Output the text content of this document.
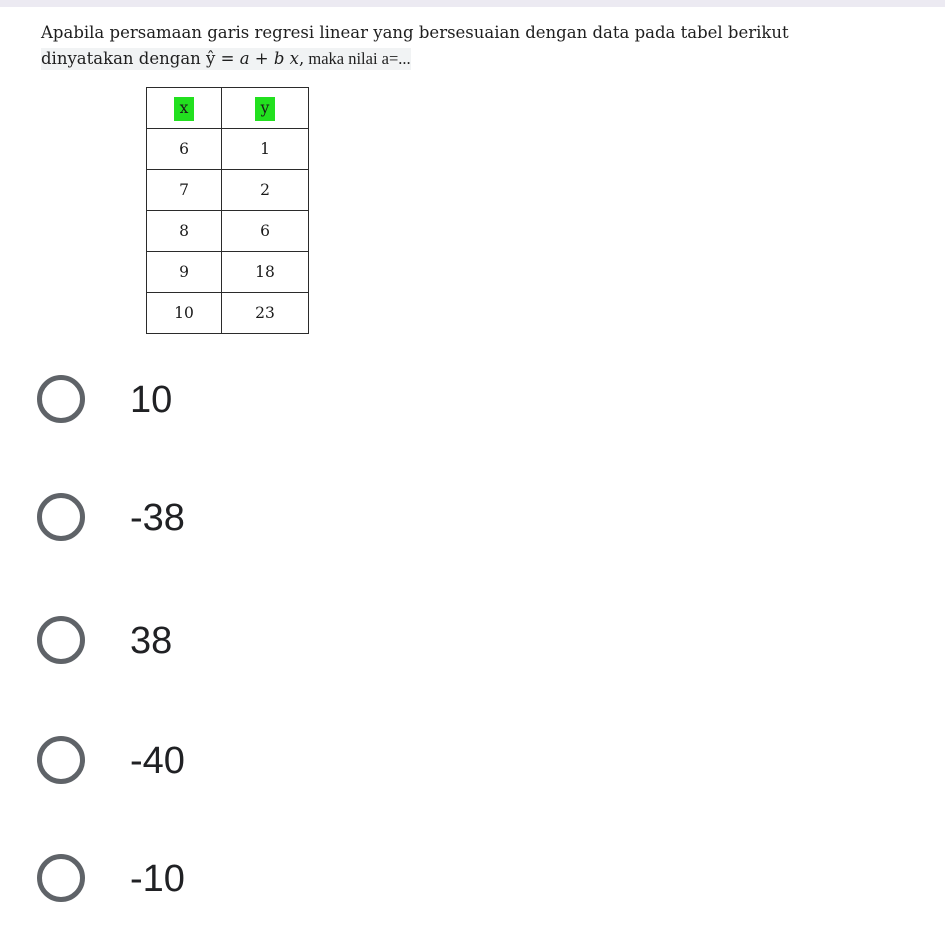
Apabila persamaan garis regresi linear yang bersesuaian dengan data pada tabel berikut
dinyatakan dengan ŷ = a + b x, maka nilai a=...
x	y
6	1
7	2
8	6
9	18
10	23
10
-38
38
-40
-10
